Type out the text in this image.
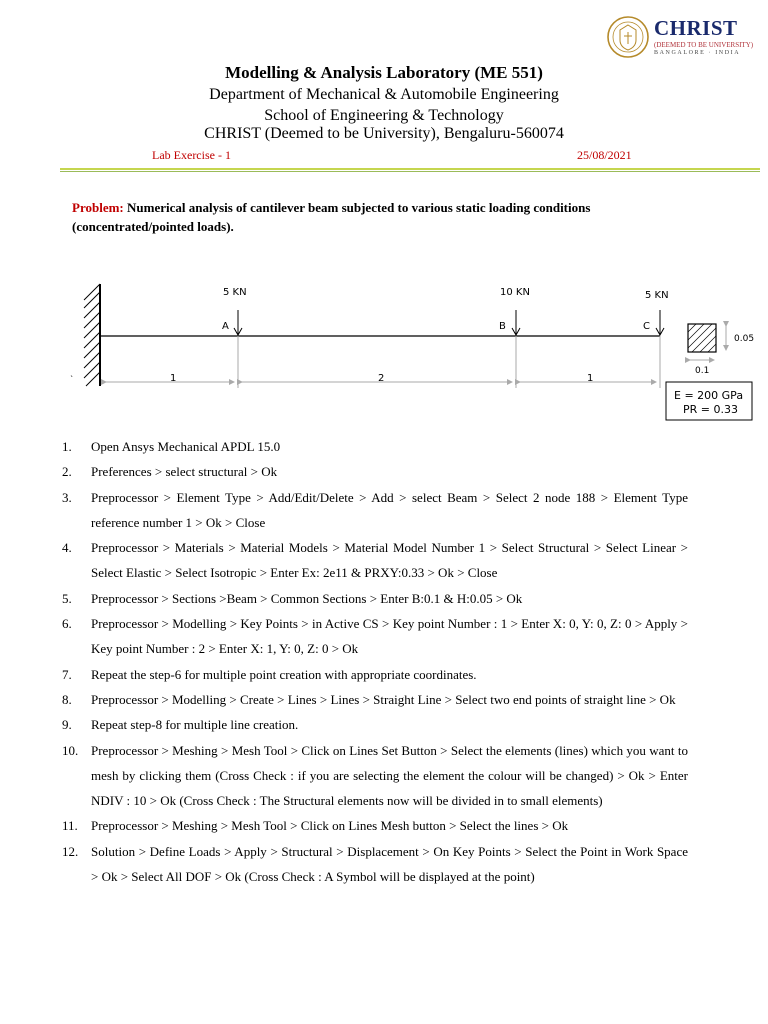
CHRIST
(DEEMED TO BE UNIVERSITY)
BANGALORE · INDIA
Modelling & Analysis Laboratory (ME 551)
Department of Mechanical & Automobile Engineering
School of Engineering & Technology
CHRIST (Deemed to be University), Bengaluru-560074
Lab Exercise - 1	25/08/2021
Problem: Numerical analysis of cantilever beam subjected to various static loading conditions (concentrated/pointed loads).
`
5 KN
A
10 KN
B
5 KN
C
1	2	1
0.05
0.1
E = 200 GPa
PR = 0.33
1. Open Ansys Mechanical APDL 15.0
2. Preferences > select structural > Ok
3. Preprocessor > Element Type > Add/Edit/Delete > Add > select Beam > Select 2 node 188 > Element Type reference number 1 > Ok > Close
4. Preprocessor > Materials > Material Models > Material Model Number 1 > Select Structural > Select Linear > Select Elastic > Select Isotropic > Enter Ex: 2e11 & PRXY:0.33 > Ok > Close
5. Preprocessor > Sections >Beam > Common Sections > Enter B:0.1 & H:0.05 > Ok
6. Preprocessor > Modelling > Key Points > in Active CS > Key point Number : 1 > Enter X: 0, Y: 0, Z: 0 > Apply > Key point Number : 2 > Enter X: 1, Y: 0, Z: 0 > Ok
7. Repeat the step-6 for multiple point creation with appropriate coordinates.
8. Preprocessor > Modelling > Create > Lines > Lines > Straight Line > Select two end points of straight line > Ok
9. Repeat step-8 for multiple line creation.
10. Preprocessor > Meshing > Mesh Tool > Click on Lines Set Button > Select the elements (lines) which you want to mesh by clicking them (Cross Check : if you are selecting the element the colour will be changed) > Ok > Enter NDIV : 10 > Ok (Cross Check : The Structural elements now will be divided in to small elements)
11. Preprocessor > Meshing > Mesh Tool > Click on Lines Mesh button > Select the lines > Ok
12. Solution > Define Loads > Apply > Structural > Displacement > On Key Points > Select the Point in Work Space > Ok > Select All DOF > Ok (Cross Check : A Symbol will be displayed at the point)
